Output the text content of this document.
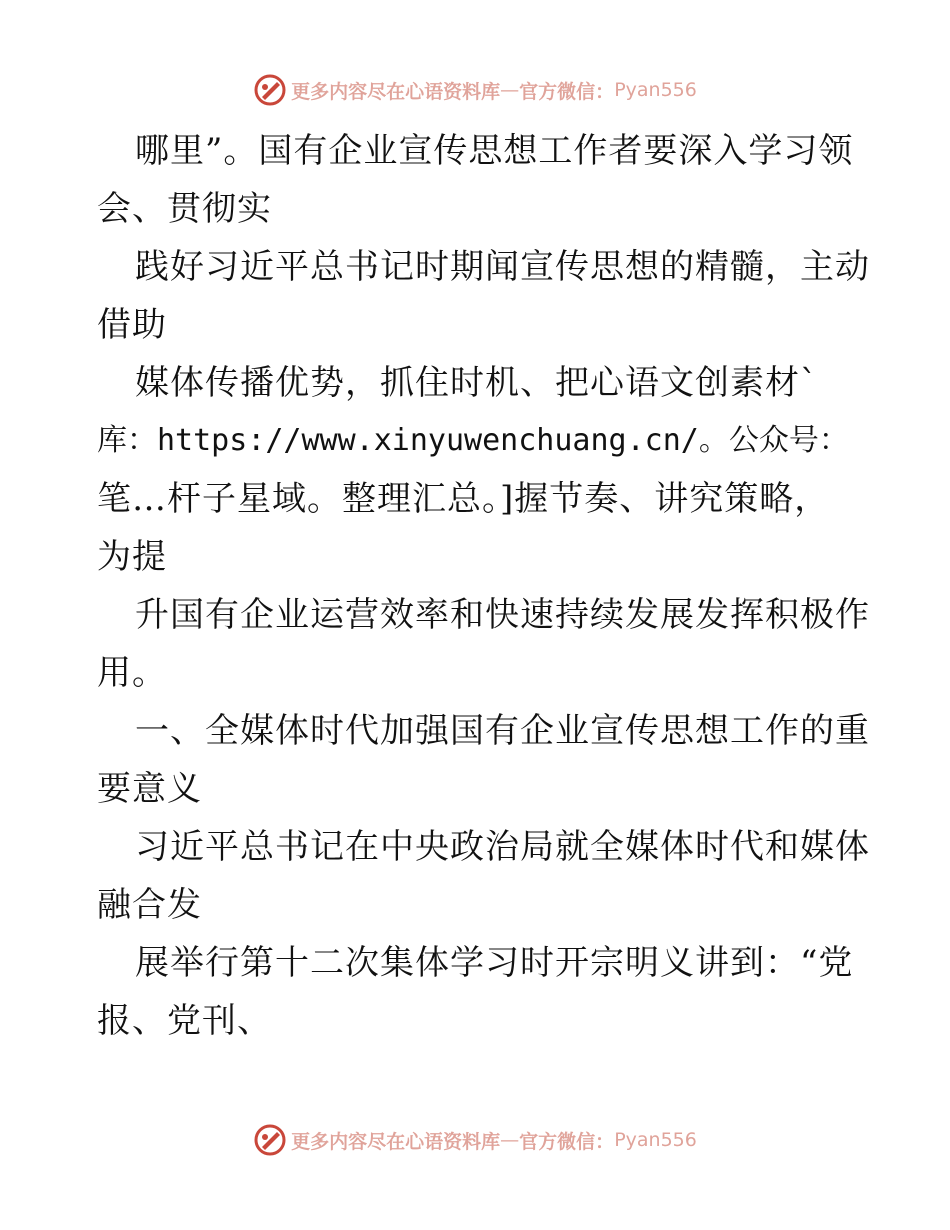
更多内容尽在心语资料库 — 官方微信： Pyan556
哪里”。国有企业宣传思想工作者要深入学习领
会、贯彻实
践好习近平总书记时期闻宣传思想的精髓，主动
借助
媒体传播优势，抓住时机、把心语文创素材`
库：https://www.xinyuwenchuang.cn/。公众号：
笔…杆子星域。整理汇总。]握节奏、讲究策略，
为提
升国有企业运营效率和快速持续发展发挥积极作
用。
一、全媒体时代加强国有企业宣传思想工作的重
要意义
习近平总书记在中央政治局就全媒体时代和媒体
融合发
展举行第十二次集体学习时开宗明义讲到：“党
报、党刊、
更多内容尽在心语资料库 — 官方微信： Pyan556
